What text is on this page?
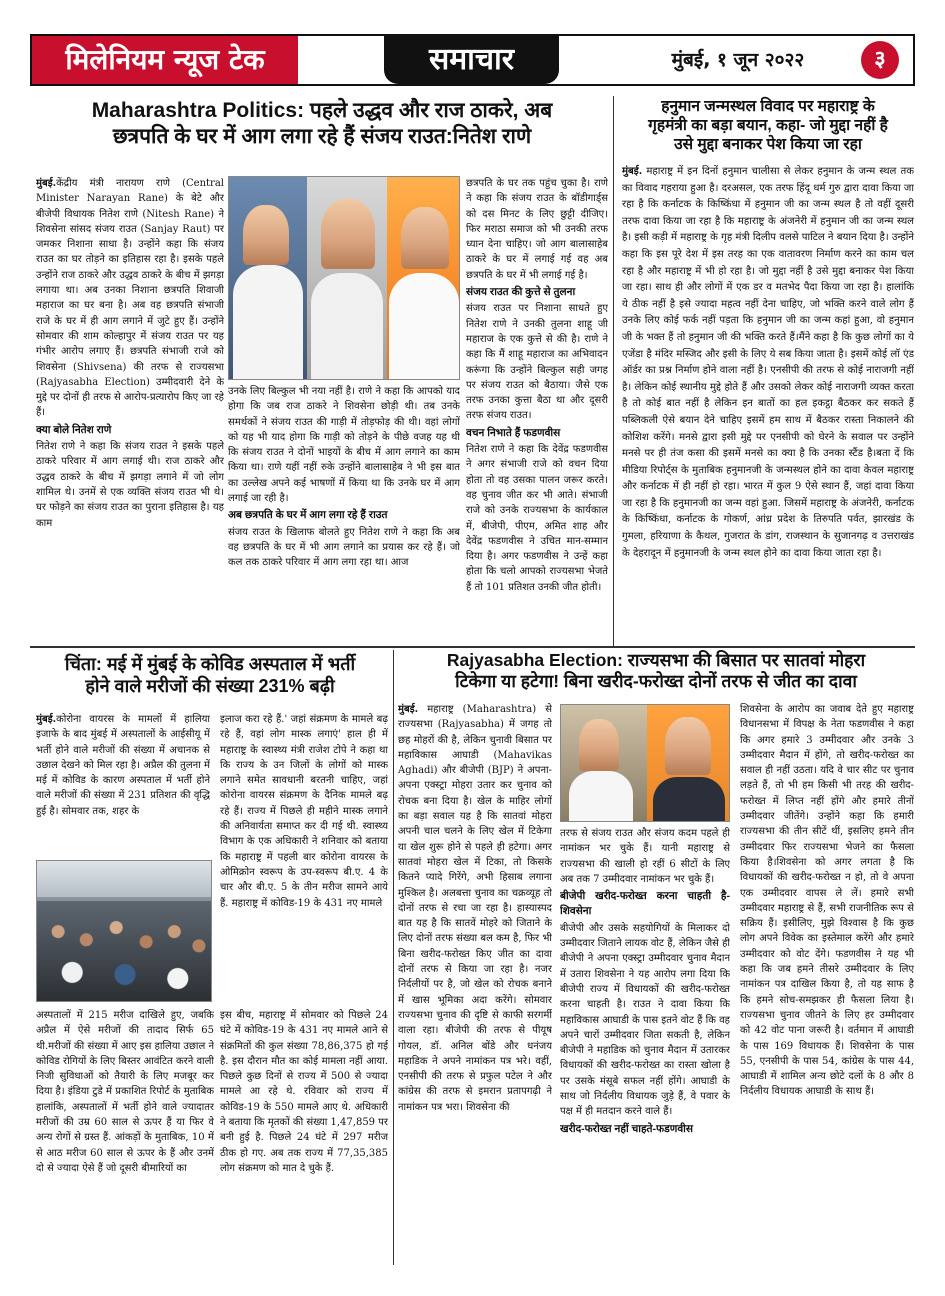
मिलेनियम न्यूज टेक	समाचार	मुंबई, १ जून २०२२	३
Maharashtra Politics: पहले उद्धव और राज ठाकरे, अब
छत्रपति के घर में आग लगा रहे हैं संजय राउत:नितेश राणे

मुंबई.केंद्रीय मंत्री नारायण राणे (Central Minister Narayan Rane) के बेटे और बीजेपी विधायक नितेश राणे (Nitesh Rane) ने शिवसेना सांसद संजय राउत (Sanjay Raut) पर जमकर निशाना साधा है। उन्होंने कहा कि संजय राउत का घर तोड़ने का इतिहास रहा है। इसके पहले उन्होंने राज ठाकरे और उद्धव ठाकरे के बीच में झगड़ा लगाया था। अब उनका निशाना छत्रपति शिवाजी महाराज का घर बना है। अब वह छत्रपति संभाजी राजे के घर में ही आग लगाने में जुटे हुए हैं। उन्होंने सोमवार की शाम कोल्हापुर में संजय राउत पर यह गंभीर आरोप लगाए हैं। छत्रपति संभाजी राजे को शिवसेना (Shivsena) की तरफ से राज्यसभा (Rajyasabha Election) उम्मीदवारी देने के मुद्दे पर दोनों ही तरफ से आरोप-प्रत्यारोप किए जा रहे हैं।

क्या बोले नितेश राणे

नितेश राणे ने कहा कि संजय राउत ने इसके पहले ठाकरे परिवार में आग लगाई थी। राज ठाकरे और उद्धव ठाकरे के बीच में झगड़ा लगाने में जो लोग शामिल थे। उनमें से एक व्यक्ति संजय राउत भी थे। घर फोड़ने का संजय राउत का पुराना इतिहास है। यह काम

उनके लिए बिल्कुल भी नया नहीं है। राणे ने कहा कि आपको याद होगा कि जब राज ठाकरे ने शिवसेना छोड़ी थी। तब उनके समर्थकों ने संजय राउत की गाड़ी में तोड़फोड़ की थी। वहां लोगों को यह भी याद होगा कि गाड़ी को तोड़ने के पीछे वजह यह थी कि संजय राउत ने दोनों भाइयों के बीच में आग लगाने का काम किया था। राणे यहीं नहीं रुके उन्होंने बालासाहेब ने भी इस बात का उल्लेख अपने कई भाषणों में किया था कि उनके घर में आग लगाई जा रही है।

अब छत्रपति के घर में आग लगा रहे हैं राउत

संजय राउत के खिलाफ बोलते हुए नितेश राणे ने कहा कि अब वह छत्रपति के घर में भी आग लगाने का प्रयास कर रहे हैं। जो कल तक ठाकरे परिवार में आग लगा रहा था। आज

छत्रपति के घर तक पहुंच चुका है। राणे ने कहा कि संजय राउत के बॉडीगार्ड्स को दस मिनट के लिए छुट्टी दीजिए। फिर मराठा समाज को भी उनकी तरफ ध्यान देना चाहिए। जो आग बालासाहेब ठाकरे के घर में लगाई गई वह अब छत्रपति के घर में भी लगाई गई है।

संजय राउत की कुत्ते से तुलना

संजय राउत पर निशाना साधते हुए नितेश राणे ने उनकी तुलना शाहू जी महाराज के एक कुत्ते से की है। राणे ने कहा कि मैं शाहू महाराज का अभिवादन करूंगा कि उन्होंने बिल्कुल सही जगह पर संजय राउत को बैठाया। जैसे एक तरफ उनका कुत्ता बैठा था और दूसरी तरफ संजय राउत।

वचन निभाते हैं फडणवीस

नितेश राणे ने कहा कि देवेंद्र फडणवीस ने अगर संभाजी राजे को वचन दिया होता तो वह उसका पालन जरूर करते। वह चुनाव जीत कर भी आते। संभाजी राजे को उनके राज्यसभा के कार्यकाल में, बीजेपी, पीएम, अमित शाह और देवेंद्र फडणवीस ने उचित मान-सम्मान दिया है। अगर फडणवीस ने उन्हें कहा होता कि चलो आपको राज्यसभा भेजते हैं तो 101 प्रतिशत उनकी जीत होती।

हनुमान जन्मस्थल विवाद पर महाराष्ट्र के
गृहमंत्री का बड़ा बयान, कहा- जो मुद्दा नहीं है
उसे मुद्दा बनाकर पेश किया जा रहा

मुंबई. महाराष्ट्र में इन दिनों हनुमान चालीसा से लेकर हनुमान के जन्म स्थल तक का विवाद गहराया हुआ है। दरअसल, एक तरफ हिंदू धर्म गुरु द्वारा दावा किया जा रहा है कि कर्नाटक के किष्किंधा में हनुमान जी का जन्म स्थल है तो वहीं दूसरी तरफ दावा किया जा रहा है कि महाराष्ट्र के अंजनेरी में हनुमान जी का जन्म स्थल है। इसी कड़ी में महाराष्ट्र के गृह मंत्री दिलीप वलसे पाटिल ने बयान दिया है। उन्होंने कहा कि इस पूरे देश में इस तरह का एक वातावरण निर्माण करने का काम चल रहा है और महाराष्ट्र में भी हो रहा है। जो मुद्दा नहीं है उसे मुद्दा बनाकर पेश किया जा रहा। साथ ही और लोगों में एक डर व मतभेद पैदा किया जा रहा है। हालांकि ये ठीक नहीं है इसे ज्यादा महत्व नहीं देना चाहिए, जो भक्ति करने वाले लोग हैं उनके लिए कोई फर्क नहीं पड़ता कि हनुमान जी का जन्म कहां हुआ, वो हनुमान जी के भक्त हैं तो हनुमान जी की भक्ति करते हैं।मैंने कहा है कि कुछ लोगों का ये एजेंडा है मंदिर मस्जिद और इसी के लिए ये सब किया जाता है। इसमें कोई लॉ एंड ऑर्डर का प्रश्न निर्माण होने वाला नहीं है। एनसीपी की तरफ से कोई नाराजगी नहीं है। लेकिन कोई स्थानीय मुद्दे होते हैं और उसको लेकर कोई नाराजगी व्यक्त करता है तो कोई बात नहीं है लेकिन इन बातों का हल इकट्ठा बैठकर कर सकते हैं पब्लिकली ऐसे बयान देने चाहिए इसमें हम साथ में बैठकर रास्ता निकालने की कोशिश करेंगे। मनसे द्वारा इसी मुद्दे पर एनसीपी को घेरने के सवाल पर उन्होंने मनसे पर ही तंज कसा की इसमें मनसे का क्या है कि उनका स्टैंड है।बता दें कि मीडिया रिपोर्ट्स के मुताबिक हनुमानजी के जन्मस्थल होने का दावा केवल महाराष्ट्र और कर्नाटक में ही नहीं हो रहा। भारत में कुल 9 ऐसे स्थान हैं, जहां दावा किया जा रहा है कि हनुमानजी का जन्म वहां हुआ. जिसमें महाराष्ट्र के अंजनेरी, कर्नाटक के किष्किंधा, कर्नाटक के गोकर्ण, आंध्र प्रदेश के तिरुपति पर्वत, झारखंड के गुमला, हरियाणा के कैथल, गुजरात के डांग, राजस्थान के सुजानगढ़ व उत्तराखंड के देहरादून में हनुमानजी के जन्म स्थल होने का दावा किया जाता रहा है।

चिंता: मई में मुंबई के कोविड अस्पताल में भर्ती
होने वाले मरीजों की संख्या 231% बढ़ी

मुंबई.कोरोना वायरस के मामलों में हालिया इजाफे के बाद मुंबई में अस्पतालों के आईसीयू में भर्ती होने वाले मरीजों की संख्या में अचानक से उछाल देखने को मिल रहा है। अप्रैल की तुलना में मई में कोविड के कारण अस्पताल में भर्ती होने वाले मरीजों की संख्या में 231 प्रतिशत की वृद्धि हुई है। सोमवार तक, शहर के

इलाज करा रहे हैं.' जहां संक्रमण के मामले बढ़ रहे हैं, वहां लोग मास्क लगाएं' हाल ही में महाराष्ट्र के स्वास्थ्य मंत्री राजेश टोपे ने कहा था कि राज्य के उन जिलों के लोगों को मास्क लगाने समेत सावधानी बरतनी चाहिए, जहां कोरोना वायरस संक्रमण के दैनिक मामले बढ़ रहे हैं। राज्य में पिछले ही महीने मास्क लगाने की अनिवार्यता समाप्त कर दी गई थी. स्वास्थ्य विभाग के एक अधिकारी ने शनिवार को बताया कि महाराष्ट्र में पहली बार कोरोना वायरस के ओमिक्रोन स्वरूप के उप-स्वरूप बी.ए. 4 के चार और बी.ए. 5 के तीन मरीज सामने आये हैं. महाराष्ट्र में कोविड-19 के 431 नए मामले

अस्पतालों में 215 मरीज दाखिले हुए, जबकि अप्रैल में ऐसे मरीजों की तादाद सिर्फ 65 थी.मरीजों की संख्या में आए इस हालिया उछाल ने कोविड रोगियों के लिए बिस्तर आवंटित करने वाली निजी सुविधाओं को तैयारी के लिए मजबूर कर दिया है। इंडिया टुडे में प्रकाशित रिपोर्ट के मुताबिक हालांकि, अस्पतालों में भर्ती होने वाले ज्यादातर मरीजों की उम्र 60 साल से ऊपर हैं या फिर वे अन्य रोगों से ग्रस्त हैं. आंकड़ों के मुताबिक, 10 में से आठ मरीज 60 साल से ऊपर के हैं और उनमें दो से ज्यादा ऐसे हैं जो दूसरी बीमारियों का

इस बीच, महाराष्ट्र में सोमवार को पिछले 24 घंटे में कोविड-19 के 431 नए मामले आने से संक्रमितों की कुल संख्या 78,86,375 हो गई है. इस दौरान मौत का कोई मामला नहीं आया. पिछले कुछ दिनों से राज्य में 500 से ज्यादा मामले आ रहे थे. रविवार को राज्य में कोविड-19 के 550 मामले आए थे. अधिकारी ने बताया कि मृतकों की संख्या 1,47,859 पर बनी हुई है. पिछले 24 घंटे में 297 मरीज ठीक हो गए. अब तक राज्य में 77,35,385 लोग संक्रमण को मात दे चुके हैं.

Rajyasabha Election: राज्यसभा की बिसात पर सातवां मोहरा
टिकेगा या हटेगा! बिना खरीद-फरोख्त दोनों तरफ से जीत का दावा

मुंबई. महाराष्ट्र (Maharashtra) से राज्यसभा (Rajyasabha) में जगह तो छह मोहरों की है, लेकिन चुनावी बिसात पर महाविकास आघाडी (Mahavikas Aghadi) और बीजेपी (BJP) ने अपना-अपना एक्स्ट्रा मोहरा उतार कर चुनाव को रोचक बना दिया है। खेल के माहिर लोगों का बड़ा सवाल यह है कि सातवां मोहरा अपनी चाल चलने के लिए खेल में टिकेगा या खेल शुरू होने से पहले ही हटेगा। अगर सातवां मोहरा खेल में टिका, तो किसके कितने प्यादे गिरेंगे, अभी हिसाब लगाना मुश्किल है। अलबत्ता चुनाव का चक्रव्यूह तो दोनों तरफ से रचा जा रहा है। हास्यास्पद बात यह है कि सातवें मोहरे को जिताने के लिए दोनों तरफ संख्या बल कम है, फिर भी बिना खरीद-फरोख्त किए जीत का दावा दोनों तरफ से किया जा रहा है। नजर निर्दलीयों पर है, जो खेल को रोचक बनाने में खास भूमिका अदा करेंगे। सोमवार राज्यसभा चुनाव की दृष्टि से काफी सरगर्मी वाला रहा। बीजेपी की तरफ से पीयूष गोयल, डॉ. अनिल बोंडे और धनंजय महाडिक ने अपने नामांकन पत्र भरे। वहीं, एनसीपी की तरफ से प्रफुल पटेल ने और कांग्रेस की तरफ से इमरान प्रतापगढ़ी ने नामांकन पत्र भरा। शिवसेना की

तरफ से संजय राउत और संजय कदम पहले ही नामांकन भर चुके हैं। यानी महाराष्ट्र से राज्यसभा की खाली हो रहीं 6 सीटों के लिए अब तक 7 उम्मीदवार नामांकन भर चुके हैं।

बीजेपी खरीद-फरोख्त करना चाहती है- शिवसेना

बीजेपी और उसके सहयोगियों के मिलाकर दो उम्मीदवार जिताने लायक वोट हैं, लेकिन जैसे ही बीजेपी ने अपना एक्स्ट्रा उम्मीदवार चुनाव मैदान में उतारा शिवसेना ने यह आरोप लगा दिया कि बीजेपी राज्य में विधायकों की खरीद-फरोख्त करना चाहती है। राउत ने दावा किया कि महाविकास आघाडी के पास इतने वोट हैं कि वह अपने चारों उम्मीदवार जिता सकती है, लेकिन बीजेपी ने महाडिक को चुनाव मैदान में उतारकर विधायकों की खरीद-फरोख्त का रास्ता खोला है पर उसके मंसूबे सफल नहीं होंगे। आघाडी के साथ जो निर्दलीय विधायक जुड़े हैं, वे पवार के पक्ष में ही मतदान करने वाले हैं।

खरीद-फरोख्त नहीं चाहते-फडणवीस

शिवसेना के आरोप का जवाब देते हुए महाराष्ट्र विधानसभा में विपक्ष के नेता फडणवीस ने कहा कि अगर हमारे 3 उम्मीदवार और उनके 3 उम्मीदवार मैदान में होंगे, तो खरीद-फरोख्त का सवाल ही नहीं उठता। यदि वे चार सीट पर चुनाव लड़ते हैं, तो भी हम किसी भी तरह की खरीद-फरोख्त में लिप्त नहीं होंगे और हमारे तीनों उम्मीदवार जीतेंगे। उन्होंने कहा कि हमारी राज्यसभा की तीन सीटें थीं, इसलिए हमने तीन उम्मीदवार फिर राज्यसभा भेजने का फैसला किया है।शिवसेना को अगर लगता है कि विधायकों की खरीद-फरोख्त न हो, तो वे अपना एक उम्मीदवार वापस ले लें। हमारे सभी उम्मीदवार महाराष्ट्र से हैं, सभी राजनीतिक रूप से सक्रिय हैं। इसीलिए, मुझे विश्वास है कि कुछ लोग अपने विवेक का इस्तेमाल करेंगे और हमारे उम्मीदवार को वोट देंगे। फडणवीस ने यह भी कहा कि जब हमने तीसरे उम्मीदवार के लिए नामांकन पत्र दाखिल किया है, तो यह साफ है कि हमने सोच-समझकर ही फैसला लिया है।राज्यसभा चुनाव जीतने के लिए हर उम्मीदवार को 42 वोट पाना जरूरी है। वर्तमान में आघाडी के पास 169 विधायक हैं। शिवसेना के पास 55, एनसीपी के पास 54, कांग्रेस के पास 44, आघाडी में शामिल अन्य छोटे दलों के 8 और 8 निर्दलीय विधायक आघाडी के साथ हैं।
